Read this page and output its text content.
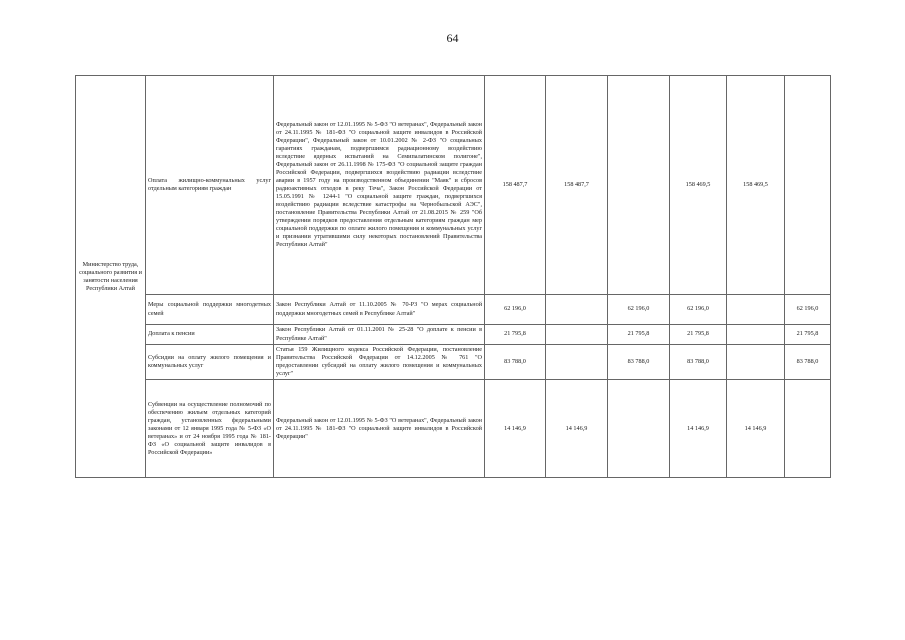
64
Министерство труда, социального развития и занятости населения Республики Алтай	Оплата жилищно-коммунальных услуг отдельным категориям граждан	Федеральный закон от 12.01.1995 № 5-ФЗ "О ветеранах", Федеральный закон от 24.11.1995 № 181-ФЗ "О социальной защите инвалидов в Российской Федерации", Федеральный закон от 10.01.2002 № 2-ФЗ "О социальных гарантиях гражданам, подвергшимся радиационному воздействию вследствие ядерных испытаний на Семипалатинском полигоне", Федеральный закон от 26.11.1998 № 175-ФЗ "О социальной защите граждан Российской Федерации, подвергшихся воздействию радиации вследствие аварии в 1957 году на производственном объединении "Маяк" и сбросов радиоактивных отходов в реку Теча", Закон Российской Федерации от 15.05.1991 № 1244-1 "О социальной защите граждан, подвергшихся воздействию радиации вследствие катастрофы на Чернобыльской АЭС", постановление Правительства Республики Алтай от 21.08.2015 № 259 "Об утверждении порядков предоставления отдельным категориям граждан мер социальной поддержки по оплате жилого помещения и коммунальных услуг и признании утратившими силу некоторых постановлений Правительства Республики Алтай"	158 487,7	158 487,7		158 469,5	158 469,5	
	Меры социальной поддержки многодетных семей	Закон Республики Алтай от 11.10.2005 № 70-РЗ "О мерах социальной поддержки многодетных семей в Республике Алтай"	62 196,0		62 196,0	62 196,0		62 196,0
	Доплата к пенсии	Закон Республики Алтай от 01.11.2001 № 25-28 "О доплате к пенсии в Республике Алтай"	21 795,8		21 795,8	21 795,8		21 795,8
	Субсидии на оплату жилого помещения и коммунальных услуг	Статья 159 Жилищного кодекса Российской Федерации, постановление Правительства Российской Федерации от 14.12.2005 № 761 "О предоставлении субсидий на оплату жилого помещения и коммунальных услуг"	83 788,0		83 788,0	83 788,0		83 788,0
	Субвенции на осуществление полномочий по обеспечению жильем отдельных категорий граждан, установленных федеральными законами от 12 января 1995 года № 5-ФЗ «О ветеранах» и от 24 ноября 1995 года № 181-ФЗ «О социальной защите инвалидов в Российской Федерации»	Федеральный закон от 12.01.1995 № 5-ФЗ "О ветеранах", Федеральный закон от 24.11.1995 № 181-ФЗ "О социальной защите инвалидов в Российской Федерации"	14 146,9	14 146,9		14 146,9	14 146,9	
